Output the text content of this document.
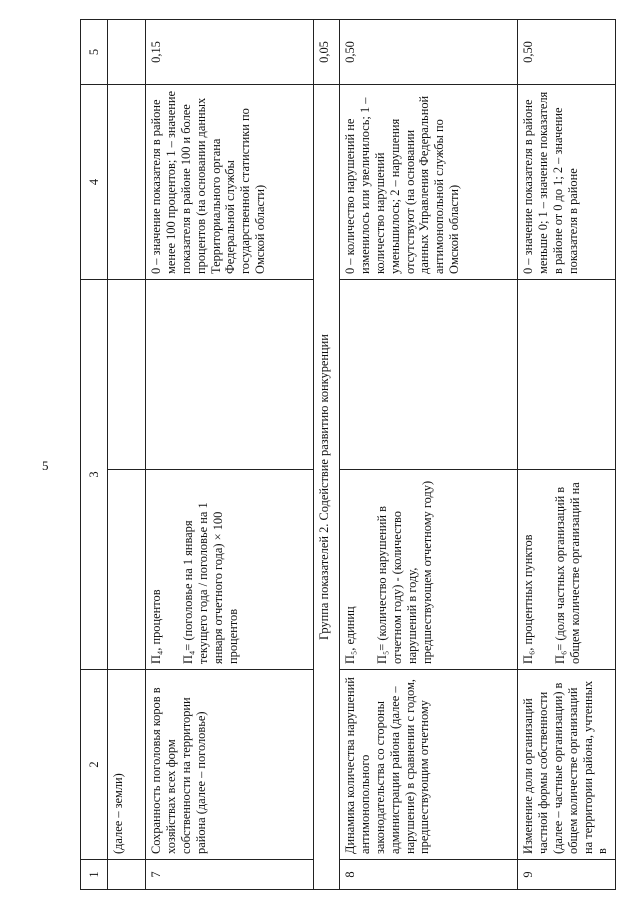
5
1	2	3		4	5
	(далее – земли)				
7	Сохранность поголовья коров в хозяйствах всех форм собственности на территории района (далее – поголовье)	П₄, процентов П₄= (поголовье на 1 января текущего года / поголовье на 1 января отчетного года) × 100 процентов		0 – значение показателя в районе менее 100 процентов; 1 – значение показателя в районе 100 и более процентов (на основании данных Территориального органа Федеральной службы государственной статистики по Омской области)	0,15
Группа показателей 2. Содействие развитию конкуренции					0,05
8	Динамика количества нарушений антимонопольного законодательства со стороны администрации района (далее – нарушение) в сравнении с годом, предшествующим отчетному	П₅, единиц П₅= (количество нарушений в отчетном году) - (количество нарушений в году, предшествующем отчетному году)		0 – количество нарушений не изменилось или увеличилось; 1 – количество нарушений уменьшилось; 2 – нарушения отсутствуют (на основании данных Управления Федеральной антимонопольной службы по Омской области)	0,50
9	Изменение доли организаций частной формы собственности (далее – частные организации) в общем количестве организаций на территории района, учтенных в	П₆, процентных пунктов П₆= (доля частных организаций в общем количестве организаций на		0 – значение показателя в районе меньше 0; 1 – значение показателя в районе от 0 до 1; 2 – значение показателя в районе	0,50
